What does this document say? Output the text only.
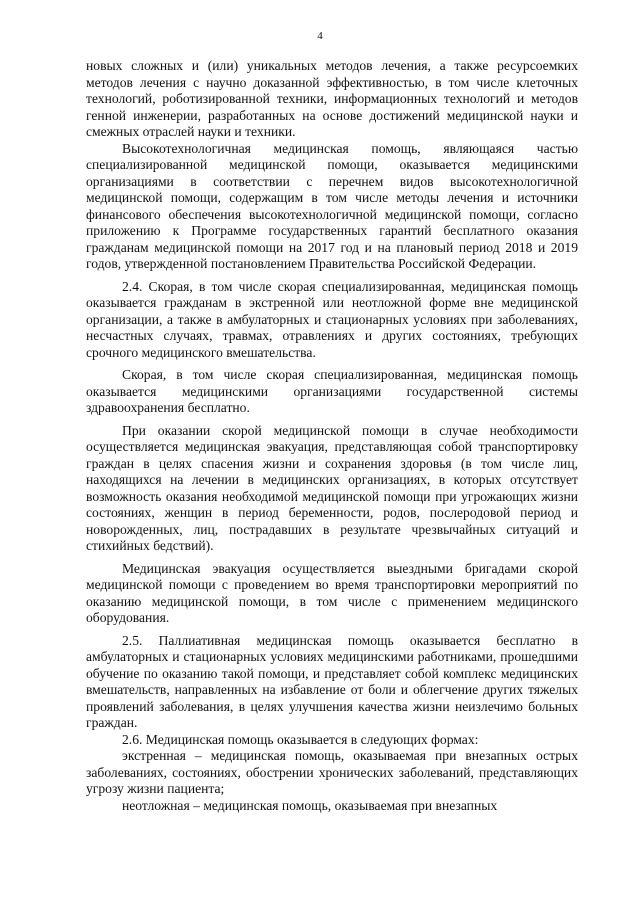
4

новых сложных и (или) уникальных методов лечения, а также ресурсоемких методов лечения с научно доказанной эффективностью, в том числе клеточных технологий, роботизированной техники, информационных технологий и методов генной инженерии, разработанных на основе достижений медицинской науки и смежных отраслей науки и техники.

Высокотехнологичная медицинская помощь, являющаяся частью специализированной медицинской помощи, оказывается медицинскими организациями в соответствии с перечнем видов высокотехнологичной медицинской помощи, содержащим в том числе методы лечения и источники финансового обеспечения высокотехнологичной медицинской помощи, согласно приложению к Программе государственных гарантий бесплатного оказания гражданам медицинской помощи на 2017 год и на плановый период 2018 и 2019 годов, утвержденной постановлением Правительства Российской Федерации.

2.4. Скорая, в том числе скорая специализированная, медицинская помощь оказывается гражданам в экстренной или неотложной форме вне медицинской организации, а также в амбулаторных и стационарных условиях при заболеваниях, несчастных случаях, травмах, отравлениях и других состояниях, требующих срочного медицинского вмешательства.

Скорая, в том числе скорая специализированная, медицинская помощь оказывается медицинскими организациями государственной системы здравоохранения бесплатно.

При оказании скорой медицинской помощи в случае необходимости осуществляется медицинская эвакуация, представляющая собой транспортировку граждан в целях спасения жизни и сохранения здоровья (в том числе лиц, находящихся на лечении в медицинских организациях, в которых отсутствует возможность оказания необходимой медицинской помощи при угрожающих жизни состояниях, женщин в период беременности, родов, послеродовой период и новорожденных, лиц, пострадавших в результате чрезвычайных ситуаций и стихийных бедствий).

Медицинская эвакуация осуществляется выездными бригадами скорой медицинской помощи с проведением во время транспортировки мероприятий по оказанию медицинской помощи, в том числе с применением медицинского оборудования.

2.5. Паллиативная медицинская помощь оказывается бесплатно в амбулаторных и стационарных условиях медицинскими работниками, прошедшими обучение по оказанию такой помощи, и представляет собой комплекс медицинских вмешательств, направленных на избавление от боли и облегчение других тяжелых проявлений заболевания, в целях улучшения качества жизни неизлечимо больных граждан.

2.6. Медицинская помощь оказывается в следующих формах:

экстренная – медицинская помощь, оказываемая при внезапных острых заболеваниях, состояниях, обострении хронических заболеваний, представляющих угрозу жизни пациента;

неотложная – медицинская помощь, оказываемая при внезапных
